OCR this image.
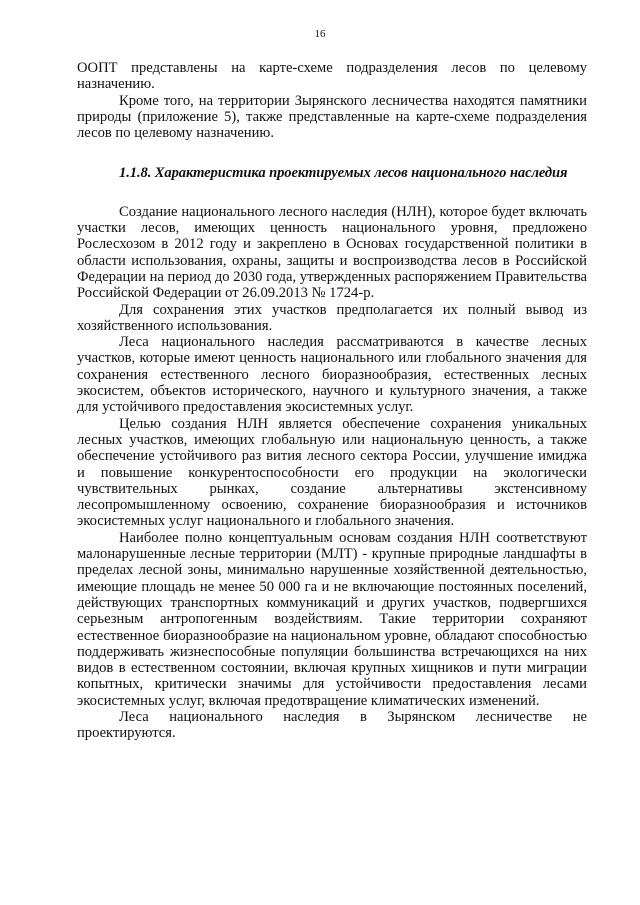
16

ООПТ представлены на карте-схеме подразделения лесов по целевому назначению.

Кроме того, на территории Зырянского лесничества находятся памятники природы (приложение 5), также представленные на карте-схеме подразделения лесов по целевому назначению.

1.1.8. Характеристика проектируемых лесов национального наследия

Создание национального лесного наследия (НЛН), которое будет включать участки лесов, имеющих ценность национального уровня, предложено Рослесхозом в 2012 году и закреплено в Основах государственной политики в области использования, охраны, защиты и воспроизводства лесов в Российской Федерации на период до 2030 года, утвержденных распоряжением Правительства Российской Федерации от 26.09.2013 № 1724-р.

Для сохранения этих участков предполагается их полный вывод из хозяйственного использования.

Леса национального наследия рассматриваются в качестве лесных участков, которые имеют ценность национального или глобального значения для сохранения естественного лесного биоразнообразия, естественных лесных экосистем, объектов исторического, научного и культурного значения, а также для устойчивого предоставления экосистемных услуг.

Целью создания НЛН является обеспечение сохранения уникальных лесных участков, имеющих глобальную или национальную ценность, а также обеспечение устойчивого раз вития лесного сектора России, улучшение имиджа и повышение конкурентоспособности его продукции на экологически чувствительных рынках, создание альтернативы экстенсивному лесопромышленному освоению, сохранение биоразнообразия и источников экосистемных услуг национального и глобального значения.

Наиболее полно концептуальным основам создания НЛН соответствуют малонарушенные лесные территории (МЛТ) - крупные природные ландшафты в пределах лесной зоны, минимально нарушенные хозяйственной деятельностью, имеющие площадь не менее 50 000 га и не включающие постоянных поселений, действующих транспортных коммуникаций и других участков, подвергшихся серьезным антропогенным воздействиям. Такие территории сохраняют естественное биоразнообразие на национальном уровне, обладают способностью поддерживать жизнеспособные популяции большинства встречающихся на них видов в естественном состоянии, включая крупных хищников и пути миграции копытных, критически значимы для устойчивости предоставления лесами экосистемных услуг, включая предотвращение климатических изменений.

Леса национального наследия в Зырянском лесничестве не проектируются.
